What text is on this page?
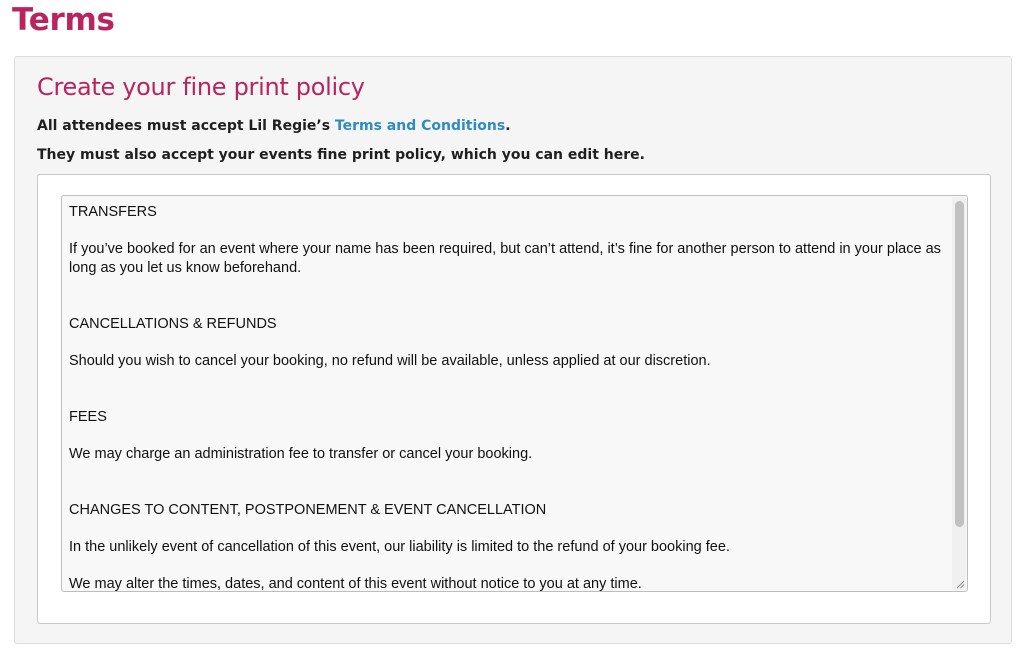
Terms
Create your fine print policy

All attendees must accept Lil Regie’s Terms and Conditions.

They must also accept your events fine print policy, which you can edit here.

TRANSFERS

If you’ve booked for an event where your name has been required, but can’t attend, it’s fine for another person to attend in your place as long as you let us know beforehand.

CANCELLATIONS & REFUNDS

Should you wish to cancel your booking, no refund will be available, unless applied at our discretion.

FEES

We may charge an administration fee to transfer or cancel your booking.

CHANGES TO CONTENT, POSTPONEMENT & EVENT CANCELLATION

In the unlikely event of cancellation of this event, our liability is limited to the refund of your booking fee.

We may alter the times, dates, and content of this event without notice to you at any time.
